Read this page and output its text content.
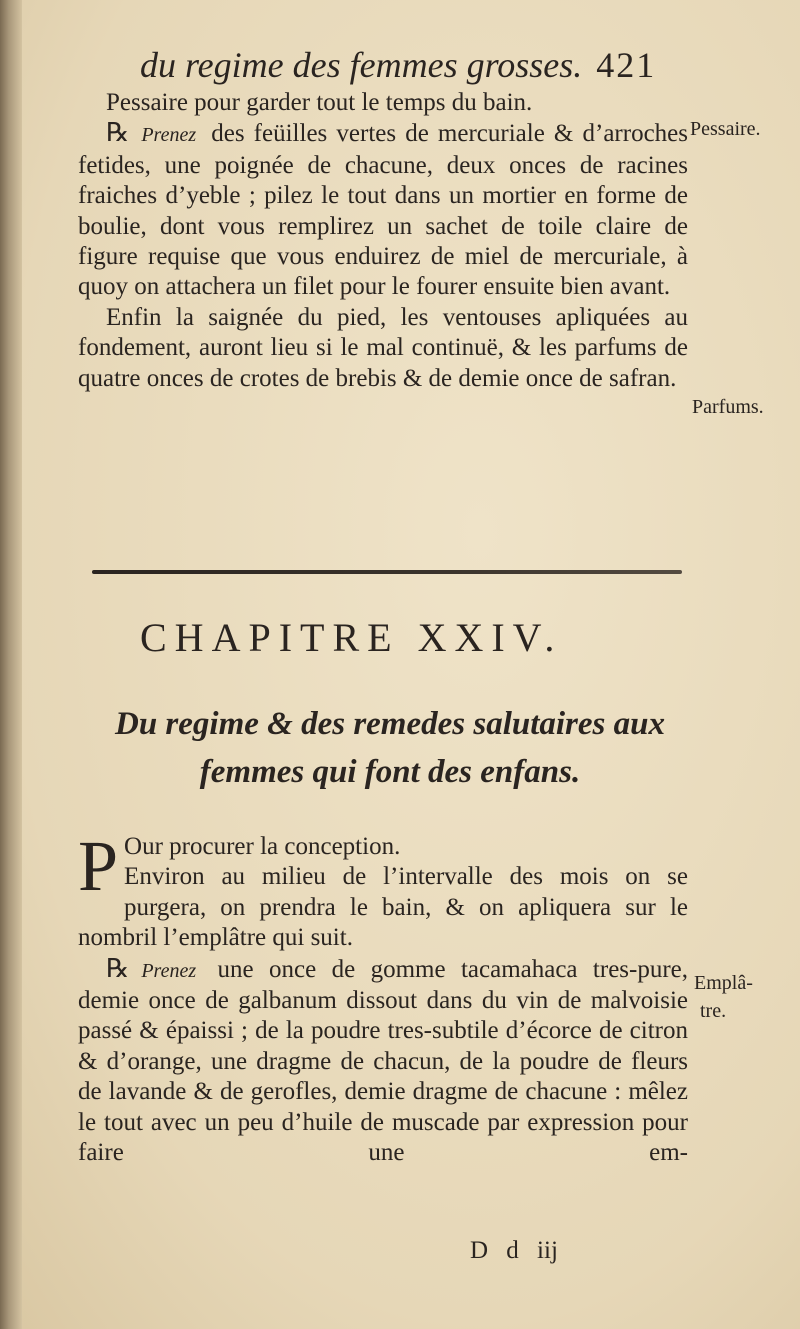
du regime des femmes grosses. 421

Pessaire pour garder tout le temps du bain.

℞ Prenez des feüilles vertes de mercuriale & d’arroches fetides, une poignée de chacune, deux onces de racines fraiches d’yeble ; pilez le tout dans un mortier en forme de boulie, dont vous remplirez un sachet de toile claire de figure requise que vous enduirez de miel de mercuriale, à quoy on attachera un filet pour le fourer ensuite bien avant.

Enfin la saignée du pied, les ventouses apliquées au fondement, auront lieu si le mal continuë, & les parfums de quatre onces de crotes de brebis & de demie once de safran.

Pessaire.
Parfums.
CHAPITRE XXIV.
Du regime & des remedes salutaires aux
femmes qui font des enfans.

P Our procurer la conception.

Environ au milieu de l’intervalle des mois on se purgera, on prendra le bain, & on apliquera sur le nombril l’emplâtre qui suit.

℞ Prenez une once de gomme tacamahaca tres-pure, demie once de galbanum dissout dans du vin de malvoisie passé & épaissi ; de la poudre tres-subtile d’écorce de citron & d’orange, une dragme de chacun, de la poudre de fleurs de lavande & de gerofles, demie dragme de chacune : mêlez le tout avec un peu d’huile de muscade par expression pour faire une em-

Emplâ-
tre.
D d iij
